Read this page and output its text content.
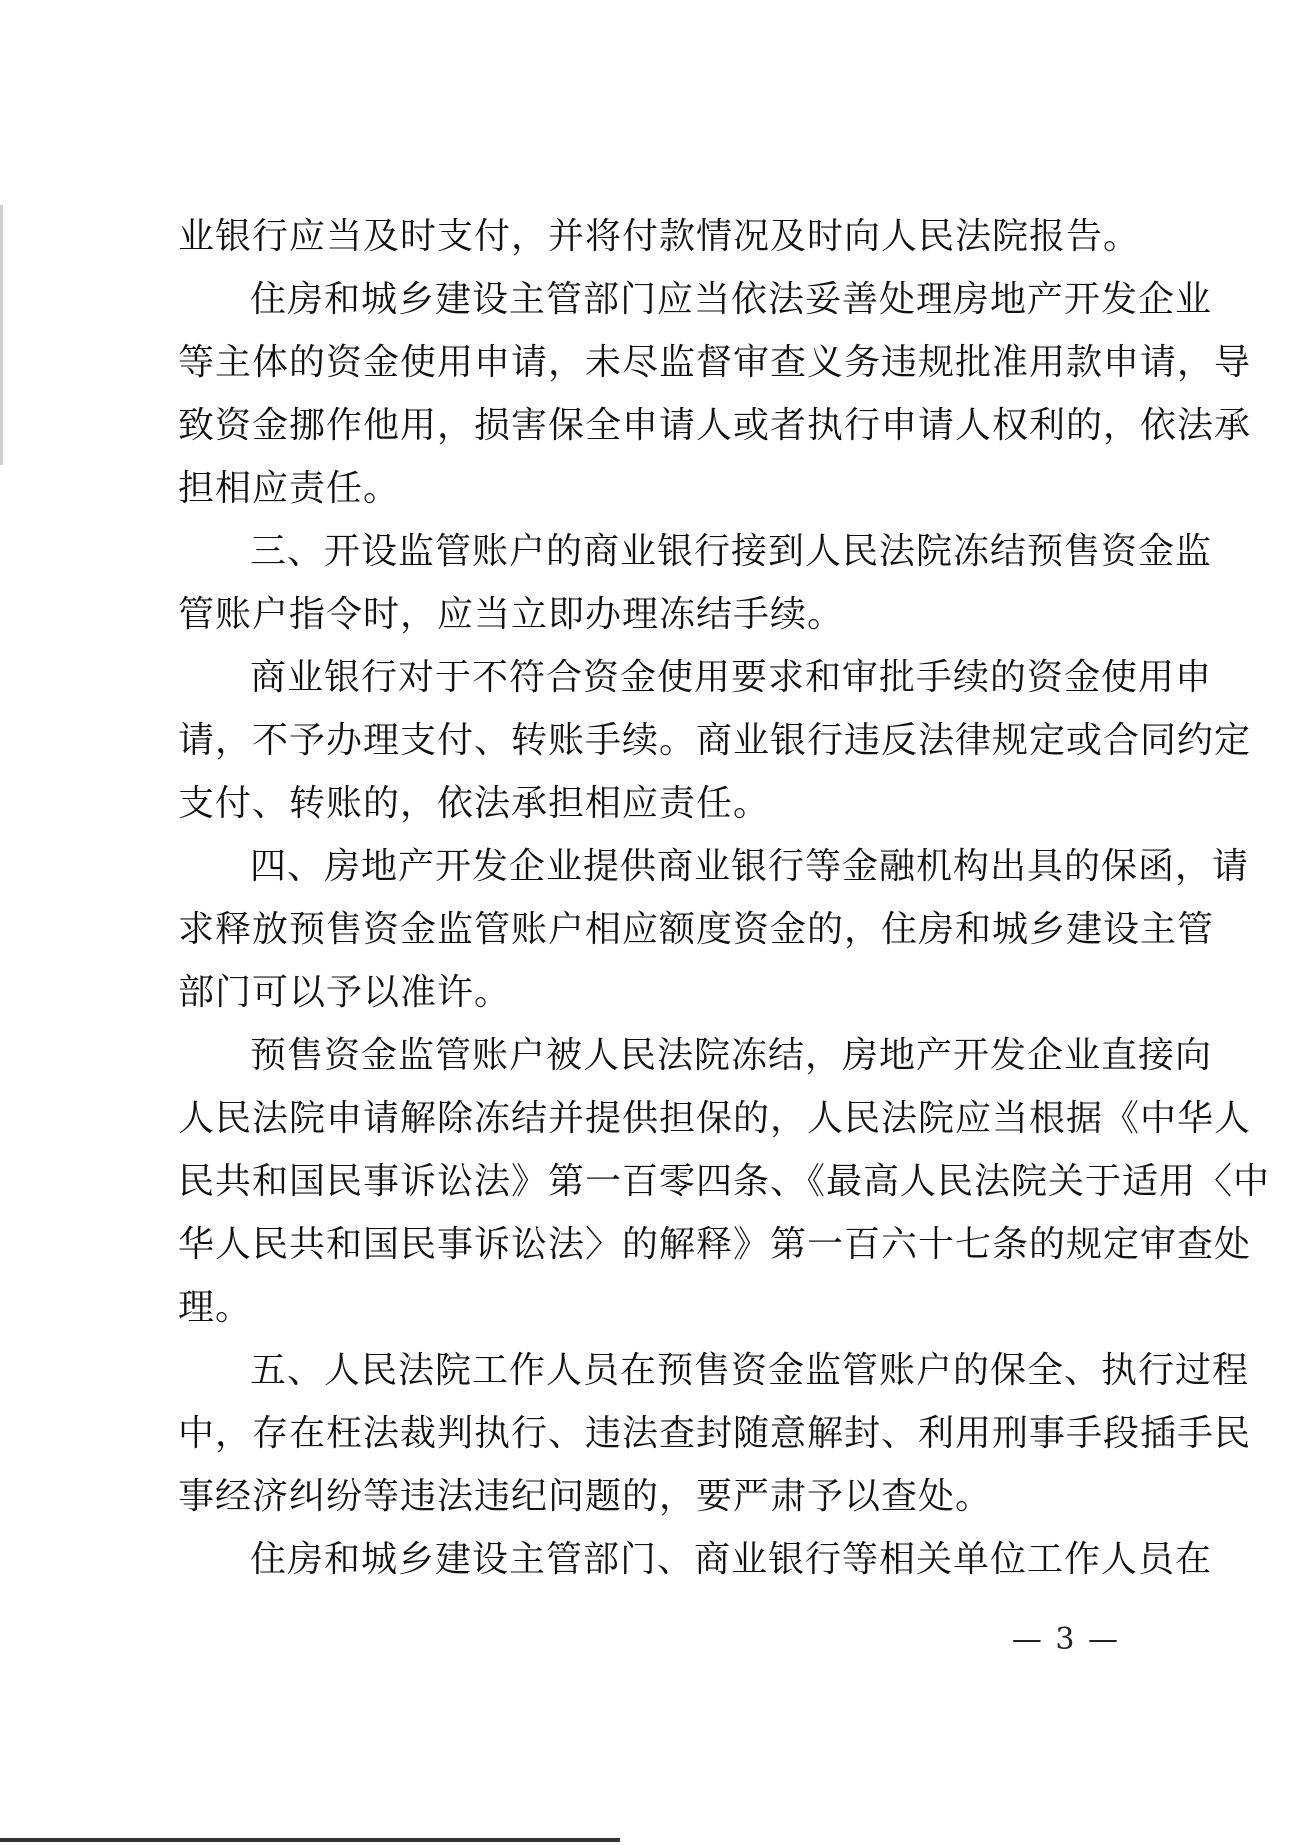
业银行应当及时支付，并将付款情况及时向人民法院报告。
住房和城乡建设主管部门应当依法妥善处理房地产开发企业
等主体的资金使用申请，未尽监督审查义务违规批准用款申请，导
致资金挪作他用，损害保全申请人或者执行申请人权利的，依法承
担相应责任。
三、开设监管账户的商业银行接到人民法院冻结预售资金监
管账户指令时，应当立即办理冻结手续。
商业银行对于不符合资金使用要求和审批手续的资金使用申
请，不予办理支付、转账手续。商业银行违反法律规定或合同约定
支付、转账的，依法承担相应责任。
四、房地产开发企业提供商业银行等金融机构出具的保函，请
求释放预售资金监管账户相应额度资金的，住房和城乡建设主管
部门可以予以准许。
预售资金监管账户被人民法院冻结，房地产开发企业直接向
人民法院申请解除冻结并提供担保的，人民法院应当根据《中华人
民共和国民事诉讼法》第一百零四条、《最高人民法院关于适用〈中
华人民共和国民事诉讼法〉的解释》第一百六十七条的规定审查处
理。
五、人民法院工作人员在预售资金监管账户的保全、执行过程
中，存在枉法裁判执行、违法查封随意解封、利用刑事手段插手民
事经济纠纷等违法违纪问题的，要严肃予以查处。
住房和城乡建设主管部门、商业银行等相关单位工作人员在
— 3 —
